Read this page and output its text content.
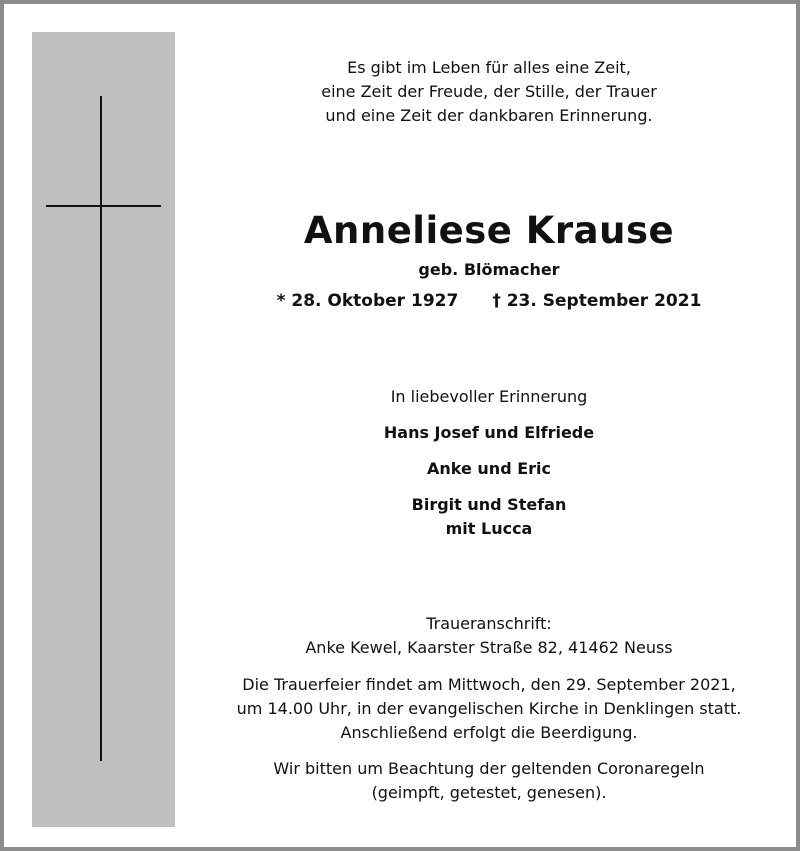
Es gibt im Leben für alles eine Zeit,
eine Zeit der Freude, der Stille, der Trauer
und eine Zeit der dankbaren Erinnerung.
Anneliese Krause
geb. Blömacher
* 28. Oktober 1927 † 23. September 2021
In liebevoller Erinnerung
Hans Josef und Elfriede
Anke und Eric
Birgit und Stefan
mit Lucca
Traueranschrift:
Anke Kewel, Kaarster Straße 82, 41462 Neuss
Die Trauerfeier findet am Mittwoch, den 29. September 2021,
um 14.00 Uhr, in der evangelischen Kirche in Denklingen statt.
Anschließend erfolgt die Beerdigung.
Wir bitten um Beachtung der geltenden Coronaregeln
(geimpft, getestet, genesen).
